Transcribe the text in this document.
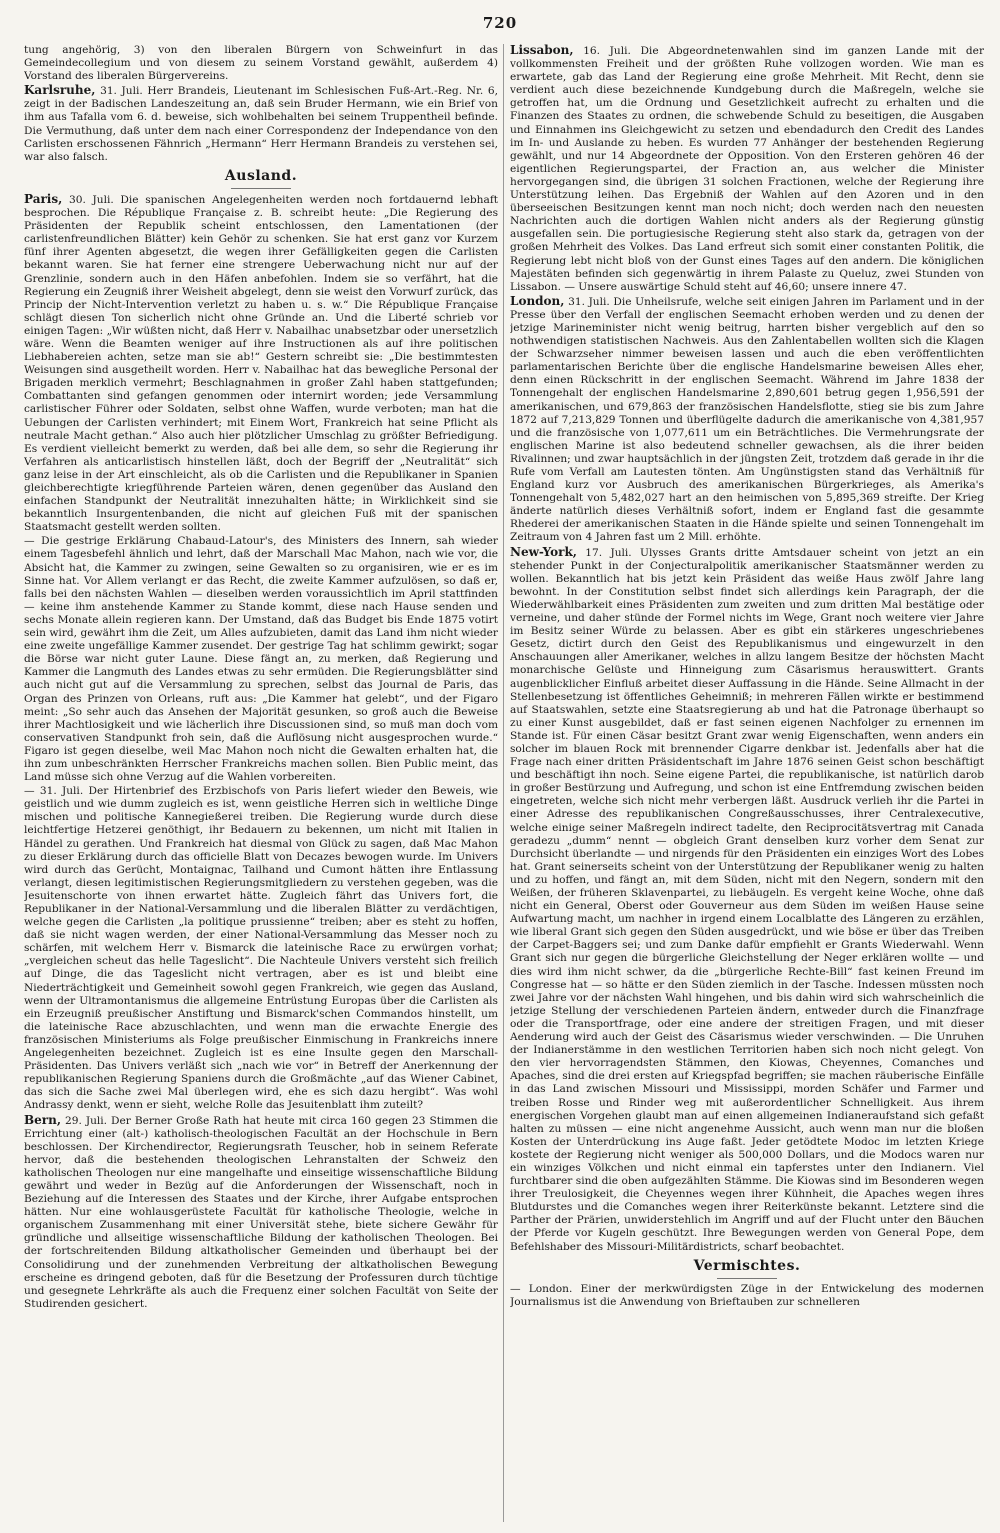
720

tung angehörig, 3) von den liberalen Bürgern von Schweinfurt in das Gemeindecollegium und von diesem zu seinem Vorstand gewählt, außerdem 4) Vorstand des liberalen Bürgervereins.

Karlsruhe, 31. Juli. Herr Brandeis, Lieutenant im Schlesischen Fuß-Art.-Reg. Nr. 6, zeigt in der Badischen Landeszeitung an, daß sein Bruder Hermann, wie ein Brief von ihm aus Tafalla vom 6. d. beweise, sich wohlbehalten bei seinem Truppentheil befinde. Die Vermuthung, daß unter dem nach einer Correspondenz der Independance von den Carlisten erschossenen Fähnrich „Hermann“ Herr Hermann Brandeis zu verstehen sei, war also falsch.

Ausland.

Paris, 30. Juli. Die spanischen Angelegenheiten werden noch fortdauernd lebhaft besprochen. Die République Française z. B. schreibt heute: „Die Regierung des Präsidenten der Republik scheint entschlossen, den Lamentationen (der carlistenfreundlichen Blätter) kein Gehör zu schenken. Sie hat erst ganz vor Kurzem fünf ihrer Agenten abgesetzt, die wegen ihrer Gefälligkeiten gegen die Carlisten bekannt waren. Sie hat ferner eine strengere Ueberwachung nicht nur auf der Grenzlinie, sondern auch in den Häfen anbefohlen. Indem sie so verfährt, hat die Regierung ein Zeugniß ihrer Weisheit abgelegt, denn sie weist den Vorwurf zurück, das Princip der Nicht-Intervention verletzt zu haben u. s. w.“ Die République Française schlägt diesen Ton sicherlich nicht ohne Gründe an. Und die Liberté schrieb vor einigen Tagen: „Wir wüßten nicht, daß Herr v. Nabailhac unabsetzbar oder unersetzlich wäre. Wenn die Beamten weniger auf ihre Instructionen als auf ihre politischen Liebhabereien achten, setze man sie ab!“ Gestern schreibt sie: „Die bestimmtesten Weisungen sind ausgetheilt worden. Herr v. Nabailhac hat das bewegliche Personal der Brigaden merklich vermehrt; Beschlagnahmen in großer Zahl haben stattgefunden; Combattanten sind gefangen genommen oder internirt worden; jede Versammlung carlistischer Führer oder Soldaten, selbst ohne Waffen, wurde verboten; man hat die Uebungen der Carlisten verhindert; mit Einem Wort, Frankreich hat seine Pflicht als neutrale Macht gethan.“ Also auch hier plötzlicher Umschlag zu größter Befriedigung. Es verdient vielleicht bemerkt zu werden, daß bei alle dem, so sehr die Regierung ihr Verfahren als anticarlistisch hinstellen läßt, doch der Begriff der „Neutralität“ sich ganz leise in der Art einschleicht, als ob die Carlisten und die Republikaner in Spanien gleichberechtigte kriegführende Parteien wären, denen gegenüber das Ausland den einfachen Standpunkt der Neutralität innezuhalten hätte; in Wirklichkeit sind sie bekanntlich Insurgentenbanden, die nicht auf gleichen Fuß mit der spanischen Staatsmacht gestellt werden sollten.

— Die gestrige Erklärung Chabaud-Latour's, des Ministers des Innern, sah wieder einem Tagesbefehl ähnlich und lehrt, daß der Marschall Mac Mahon, nach wie vor, die Absicht hat, die Kammer zu zwingen, seine Gewalten so zu organisiren, wie er es im Sinne hat. Vor Allem verlangt er das Recht, die zweite Kammer aufzulösen, so daß er, falls bei den nächsten Wahlen — dieselben werden voraussichtlich im April stattfinden — keine ihm anstehende Kammer zu Stande kommt, diese nach Hause senden und sechs Monate allein regieren kann. Der Umstand, daß das Budget bis Ende 1875 votirt sein wird, gewährt ihm die Zeit, um Alles aufzubieten, damit das Land ihm nicht wieder eine zweite ungefällige Kammer zusendet. Der gestrige Tag hat schlimm gewirkt; sogar die Börse war nicht guter Laune. Diese fängt an, zu merken, daß Regierung und Kammer die Langmuth des Landes etwas zu sehr ermüden. Die Regierungsblätter sind auch nicht gut auf die Versammlung zu sprechen, selbst das Journal de Paris, das Organ des Prinzen von Orleans, ruft aus: „Die Kammer hat gelebt“, und der Figaro meint: „So sehr auch das Ansehen der Majorität gesunken, so groß auch die Beweise ihrer Machtlosigkeit und wie lächerlich ihre Discussionen sind, so muß man doch vom conservativen Standpunkt froh sein, daß die Auflösung nicht ausgesprochen wurde.“ Figaro ist gegen dieselbe, weil Mac Mahon noch nicht die Gewalten erhalten hat, die ihn zum unbeschränkten Herrscher Frankreichs machen sollen. Bien Public meint, das Land müsse sich ohne Verzug auf die Wahlen vorbereiten.

— 31. Juli. Der Hirtenbrief des Erzbischofs von Paris liefert wieder den Beweis, wie geistlich und wie dumm zugleich es ist, wenn geistliche Herren sich in weltliche Dinge mischen und politische Kannegießerei treiben. Die Regierung wurde durch diese leichtfertige Hetzerei genöthigt, ihr Bedauern zu bekennen, um nicht mit Italien in Händel zu gerathen. Und Frankreich hat diesmal von Glück zu sagen, daß Mac Mahon zu dieser Erklärung durch das officielle Blatt von Decazes bewogen wurde. Im Univers wird durch das Gerücht, Montaignac, Tailhand und Cumont hätten ihre Entlassung verlangt, diesen legitimistischen Regierungsmitgliedern zu verstehen gegeben, was die Jesuitenschorte von ihnen erwartet hätte. Zugleich fährt das Univers fort, die Republikaner in der National-Versammlung und die liberalen Blätter zu verdächtigen, welche gegen die Carlisten „la politique prussienne“ treiben; aber es steht zu hoffen, daß sie nicht wagen werden, der einer National-Versammlung das Messer noch zu schärfen, mit welchem Herr v. Bismarck die lateinische Race zu erwürgen vorhat; „vergleichen scheut das helle Tageslicht“. Die Nachteule Univers versteht sich freilich auf Dinge, die das Tageslicht nicht vertragen, aber es ist und bleibt eine Niederträchtigkeit und Gemeinheit sowohl gegen Frankreich, wie gegen das Ausland, wenn der Ultramontanismus die allgemeine Entrüstung Europas über die Carlisten als ein Erzeugniß preußischer Anstiftung und Bismarck'schen Commandos hinstellt, um die lateinische Race abzuschlachten, und wenn man die erwachte Energie des französischen Ministeriums als Folge preußischer Einmischung in Frankreichs innere Angelegenheiten bezeichnet. Zugleich ist es eine Insulte gegen den Marschall-Präsidenten. Das Univers verläßt sich „nach wie vor“ in Betreff der Anerkennung der republikanischen Regierung Spaniens durch die Großmächte „auf das Wiener Cabinet, das sich die Sache zwei Mal überlegen wird, ehe es sich dazu hergibt“. Was wohl Andrassy denkt, wenn er sieht, welche Rolle das Jesuitenblatt ihm zuteilt?

Bern, 29. Juli. Der Berner Große Rath hat heute mit circa 160 gegen 23 Stimmen die Errichtung einer (alt-) katholisch-theologischen Facultät an der Hochschule in Bern beschlossen. Der Kirchendirector, Regierungsrath Teuscher, hob in seinem Referate hervor, daß die bestehenden theologischen Lehranstalten der Schweiz den katholischen Theologen nur eine mangelhafte und einseitige wissenschaftliche Bildung gewährt und weder in Bezüg auf die Anforderungen der Wissenschaft, noch in Beziehung auf die Interessen des Staates und der Kirche, ihrer Aufgabe entsprochen hätten. Nur eine wohlausgerüstete Facultät für katholische Theologie, welche in organischem Zusammenhang mit einer Universität stehe, biete sichere Gewähr für gründliche und allseitige wissenschaftliche Bildung der katholischen Theologen. Bei der fortschreitenden Bildung altkatholischer Gemeinden und überhaupt bei der Consolidirung und der zunehmenden Verbreitung der altkatholischen Bewegung erscheine es dringend geboten, daß für die Besetzung der Professuren durch tüchtige und gesegnete Lehrkräfte als auch die Frequenz einer solchen Facultät von Seite der Studirenden gesichert.

Lissabon, 16. Juli. Die Abgeordnetenwahlen sind im ganzen Lande mit der vollkommensten Freiheit und der größten Ruhe vollzogen worden. Wie man es erwartete, gab das Land der Regierung eine große Mehrheit. Mit Recht, denn sie verdient auch diese bezeichnende Kundgebung durch die Maßregeln, welche sie getroffen hat, um die Ordnung und Gesetzlichkeit aufrecht zu erhalten und die Finanzen des Staates zu ordnen, die schwebende Schuld zu beseitigen, die Ausgaben und Einnahmen ins Gleichgewicht zu setzen und ebendadurch den Credit des Landes im In- und Auslande zu heben. Es wurden 77 Anhänger der bestehenden Regierung gewählt, und nur 14 Abgeordnete der Opposition. Von den Ersteren gehören 46 der eigentlichen Regierungspartei, der Fraction an, aus welcher die Minister hervorgegangen sind, die übrigen 31 solchen Fractionen, welche der Regierung ihre Unterstützung leihen. Das Ergebniß der Wahlen auf den Azoren und in den überseeischen Besitzungen kennt man noch nicht; doch werden nach den neuesten Nachrichten auch die dortigen Wahlen nicht anders als der Regierung günstig ausgefallen sein. Die portugiesische Regierung steht also stark da, getragen von der großen Mehrheit des Volkes. Das Land erfreut sich somit einer constanten Politik, die Regierung lebt nicht bloß von der Gunst eines Tages auf den andern. Die königlichen Majestäten befinden sich gegenwärtig in ihrem Palaste zu Queluz, zwei Stunden von Lissabon. — Unsere auswärtige Schuld steht auf 46,60; unsere innere 47.

London, 31. Juli. Die Unheilsrufe, welche seit einigen Jahren im Parlament und in der Presse über den Verfall der englischen Seemacht erhoben werden und zu denen der jetzige Marineminister nicht wenig beitrug, harrten bisher vergeblich auf den so nothwendigen statistischen Nachweis. Aus den Zahlentabellen wollten sich die Klagen der Schwarzseher nimmer beweisen lassen und auch die eben veröffentlichten parlamentarischen Berichte über die englische Handelsmarine beweisen Alles eher, denn einen Rückschritt in der englischen Seemacht. Während im Jahre 1838 der Tonnengehalt der englischen Handelsmarine 2,890,601 betrug gegen 1,956,591 der amerikanischen, und 679,863 der französischen Handelsflotte, stieg sie bis zum Jahre 1872 auf 7,213,829 Tonnen und überflügelte dadurch die amerikanische von 4,381,957 und die französische von 1,077,611 um ein Beträchtliches. Die Vermehrungsrate der englischen Marine ist also bedeutend schneller gewachsen, als die ihrer beiden Rivalinnen; und zwar hauptsächlich in der jüngsten Zeit, trotzdem daß gerade in ihr die Rufe vom Verfall am Lautesten tönten. Am Ungünstigsten stand das Verhältniß für England kurz vor Ausbruch des amerikanischen Bürgerkrieges, als Amerika's Tonnengehalt von 5,482,027 hart an den heimischen von 5,895,369 streifte. Der Krieg änderte natürlich dieses Verhältniß sofort, indem er England fast die gesammte Rhederei der amerikanischen Staaten in die Hände spielte und seinen Tonnengehalt im Zeitraum von 4 Jahren fast um 2 Mill. erhöhte.

New-York, 17. Juli. Ulysses Grants dritte Amtsdauer scheint von jetzt an ein stehender Punkt in der Conjecturalpolitik amerikanischer Staatsmänner werden zu wollen. Bekanntlich hat bis jetzt kein Präsident das weiße Haus zwölf Jahre lang bewohnt. In der Constitution selbst findet sich allerdings kein Paragraph, der die Wiederwählbarkeit eines Präsidenten zum zweiten und zum dritten Mal bestätige oder verneine, und daher stünde der Formel nichts im Wege, Grant noch weitere vier Jahre im Besitz seiner Würde zu belassen. Aber es gibt ein stärkeres ungeschriebenes Gesetz, dictirt durch den Geist des Republikanismus und eingewurzelt in den Anschauungen aller Amerikaner, welches in allzu langem Besitze der höchsten Macht monarchische Gelüste und Hinneigung zum Cäsarismus herauswittert. Grants augenblicklicher Einfluß arbeitet dieser Auffassung in die Hände. Seine Allmacht in der Stellenbesetzung ist öffentliches Geheimniß; in mehreren Fällen wirkte er bestimmend auf Staatswahlen, setzte eine Staatsregierung ab und hat die Patronage überhaupt so zu einer Kunst ausgebildet, daß er fast seinen eigenen Nachfolger zu ernennen im Stande ist. Für einen Cäsar besitzt Grant zwar wenig Eigenschaften, wenn anders ein solcher im blauen Rock mit brennender Cigarre denkbar ist. Jedenfalls aber hat die Frage nach einer dritten Präsidentschaft im Jahre 1876 seinen Geist schon beschäftigt und beschäftigt ihn noch. Seine eigene Partei, die republikanische, ist natürlich darob in großer Bestürzung und Aufregung, und schon ist eine Entfremdung zwischen beiden eingetreten, welche sich nicht mehr verbergen läßt. Ausdruck verlieh ihr die Partei in einer Adresse des republikanischen Congreßausschusses, ihrer Centralexecutive, welche einige seiner Maßregeln indirect tadelte, den Reciprocitätsvertrag mit Canada geradezu „dumm“ nennt — obgleich Grant denselben kurz vorher dem Senat zur Durchsicht überlandte — und nirgends für den Präsidenten ein einziges Wort des Lobes hat. Grant seinerseits scheint von der Unterstützung der Republikaner wenig zu halten und zu hoffen, und fängt an, mit dem Süden, nicht mit den Negern, sondern mit den Weißen, der früheren Sklavenpartei, zu liebäugeln. Es vergeht keine Woche, ohne daß nicht ein General, Oberst oder Gouverneur aus dem Süden im weißen Hause seine Aufwartung macht, um nachher in irgend einem Localblatte des Längeren zu erzählen, wie liberal Grant sich gegen den Süden ausgedrückt, und wie böse er über das Treiben der Carpet-Baggers sei; und zum Danke dafür empfiehlt er Grants Wiederwahl. Wenn Grant sich nur gegen die bürgerliche Gleichstellung der Neger erklären wollte — und dies wird ihm nicht schwer, da die „bürgerliche Rechte-Bill“ fast keinen Freund im Congresse hat — so hätte er den Süden ziemlich in der Tasche. Indessen müssten noch zwei Jahre vor der nächsten Wahl hingehen, und bis dahin wird sich wahrscheinlich die jetzige Stellung der verschiedenen Parteien ändern, entweder durch die Finanzfrage oder die Transportfrage, oder eine andere der streitigen Fragen, und mit dieser Aenderung wird auch der Geist des Cäsarismus wieder verschwinden. — Die Unruhen der Indianerstämme in den westlichen Territorien haben sich noch nicht gelegt. Von den vier hervorragendsten Stämmen, den Kiowas, Cheyennes, Comanches und Apaches, sind die drei ersten auf Kriegspfad begriffen; sie machen räuberische Einfälle in das Land zwischen Missouri und Mississippi, morden Schäfer und Farmer und treiben Rosse und Rinder weg mit außerordentlicher Schnelligkeit. Aus ihrem energischen Vorgehen glaubt man auf einen allgemeinen Indianeraufstand sich gefaßt halten zu müssen — eine nicht angenehme Aussicht, auch wenn man nur die bloßen Kosten der Unterdrückung ins Auge faßt. Jeder getödtete Modoc im letzten Kriege kostete der Regierung nicht weniger als 500,000 Dollars, und die Modocs waren nur ein winziges Völkchen und nicht einmal ein tapferstes unter den Indianern. Viel furchtbarer sind die oben aufgezählten Stämme. Die Kiowas sind im Besonderen wegen ihrer Treulosigkeit, die Cheyennes wegen ihrer Kühnheit, die Apaches wegen ihres Blutdurstes und die Comanches wegen ihrer Reiterkünste bekannt. Letztere sind die Parther der Prärien, unwiderstehlich im Angriff und auf der Flucht unter den Bäuchen der Pferde vor Kugeln geschützt. Ihre Bewegungen werden von General Pope, dem Befehlshaber des Missouri-Militärdistricts, scharf beobachtet.

Vermischtes.

— London. Einer der merkwürdigsten Züge in der Entwickelung des modernen Journalismus ist die Anwendung von Brieftauben zur schnelleren
